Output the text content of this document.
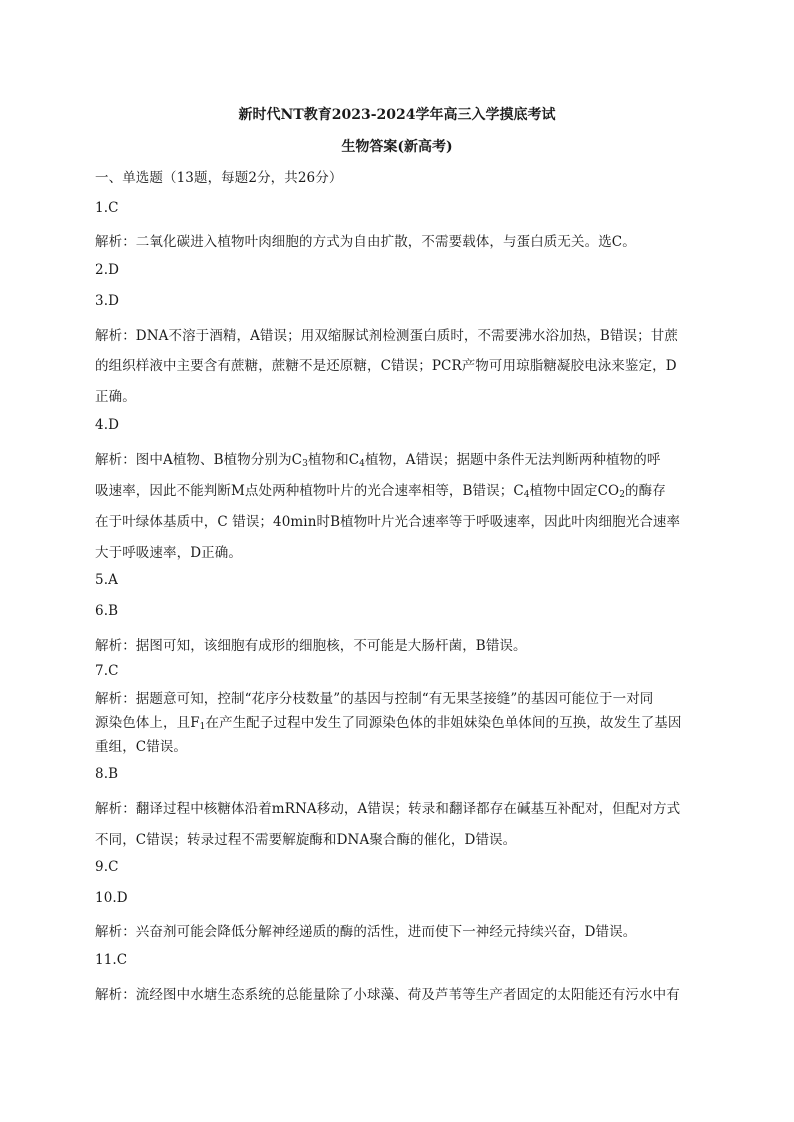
新时代NT教育2023-2024学年高三入学摸底考试
生物答案(新高考)
一、单选题（13题，每题2分，共26分）
1.C
解析：二氧化碳进入植物叶肉细胞的方式为自由扩散，不需要载体，与蛋白质无关。选C。
2.D
3.D
解析：DNA不溶于酒精，A错误；用双缩脲试剂检测蛋白质时，不需要沸水浴加热，B错误；甘蔗
的组织样液中主要含有蔗糖，蔗糖不是还原糖，C错误；PCR产物可用琼脂糖凝胶电泳来鉴定，D
正确。
4.D
解析：图中A植物、B植物分别为$C_3$植物和$C_4$植物，A错误；据题中条件无法判断两种植物的呼
吸速率，因此不能判断M点处两种植物叶片的光合速率相等，B错误；$C_4$植物中固定$CO_2$的酶存
在于叶绿体基质中，C 错误；40min时B植物叶片光合速率等于呼吸速率，因此叶肉细胞光合速率
大于呼吸速率，D正确。
5.A
6.B
解析：据图可知，该细胞有成形的细胞核，不可能是大肠杆菌，B错误。
7.C
解析：据题意可知，控制“花序分枝数量”的基因与控制“有无果茎接缝”的基因可能位于一对同
源染色体上，且$F_1$在产生配子过程中发生了同源染色体的非姐妹染色单体间的互换，故发生了基因
重组，C错误。
8.B
解析：翻译过程中核糖体沿着mRNA移动，A错误；转录和翻译都存在碱基互补配对，但配对方式
不同，C错误；转录过程不需要解旋酶和DNA聚合酶的催化，D错误。
9.C
10.D
解析：兴奋剂可能会降低分解神经递质的酶的活性，进而使下一神经元持续兴奋，D错误。
11.C
解析：流经图中水塘生态系统的总能量除了小球藻、荷及芦苇等生产者固定的太阳能还有污水中有
